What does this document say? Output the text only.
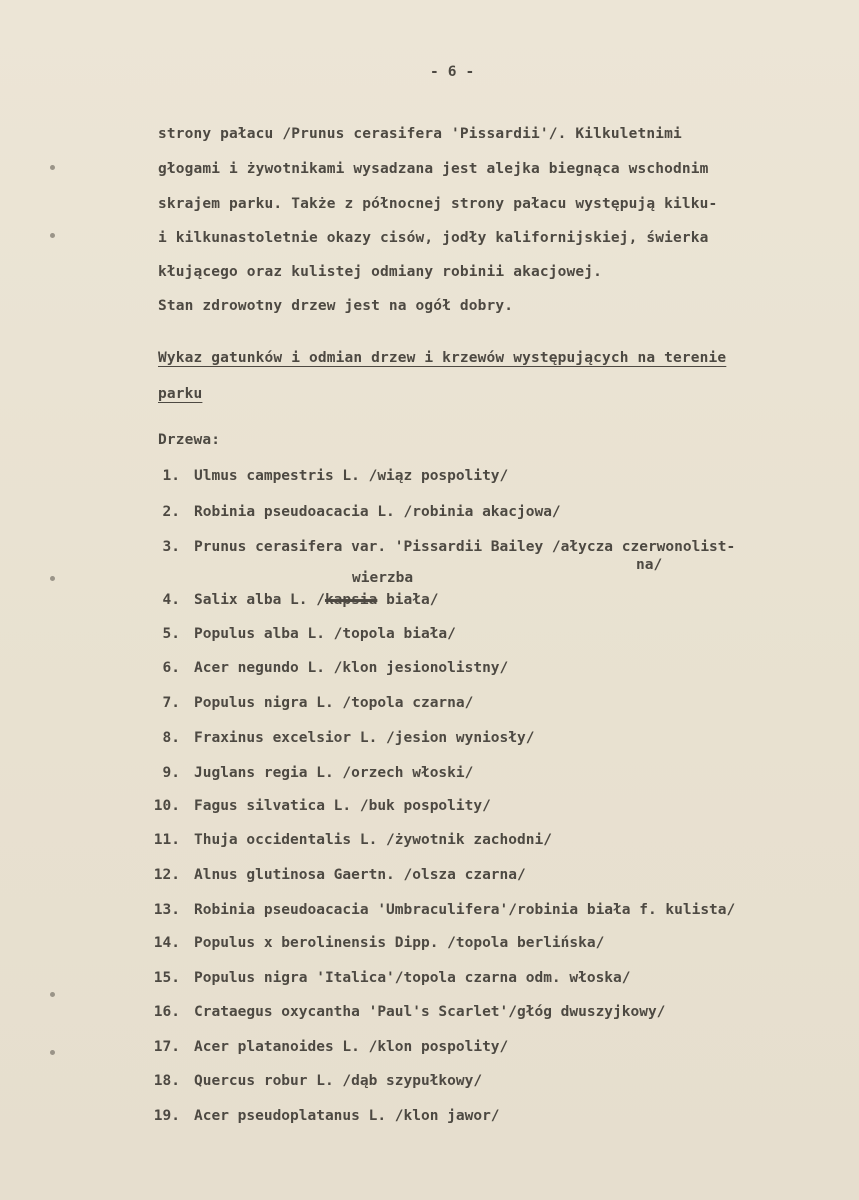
- 6 -
strony pałacu /Prunus cerasifera 'Pissardii'/. Kilkuletnimi
głogami i żywotnikami wysadzana jest alejka biegnąca wschodnim
skrajem parku. Także z północnej strony pałacu występują kilku-
i kilkunastoletnie okazy cisów, jodły kalifornijskiej, świerka
kłującego oraz kulistej odmiany robinii akacjowej.
Stan zdrowotny drzew jest na ogół dobry.
Wykaz gatunków i odmian drzew i krzewów występujących na terenie
parku
Drzewa:
1. Ulmus campestris L. /wiąz pospolity/
2. Robinia pseudoacacia L. /robinia akacjowa/
3. Prunus cerasifera var. 'Pissardii Bailey /ałycza czerwonolist-
na/
wierzba
4. Salix alba L. /kapsia biała/
5. Populus alba L. /topola biała/
6. Acer negundo L. /klon jesionolistny/
7. Populus nigra L. /topola czarna/
8. Fraxinus excelsior L. /jesion wyniosły/
9. Juglans regia L. /orzech włoski/
10. Fagus silvatica L. /buk pospolity/
11. Thuja occidentalis L. /żywotnik zachodni/
12. Alnus glutinosa Gaertn. /olsza czarna/
13. Robinia pseudoacacia 'Umbraculifera'/robinia biała f. kulista/
14. Populus x berolinensis Dipp. /topola berlińska/
15. Populus nigra 'Italica'/topola czarna odm. włoska/
16. Crataegus oxycantha 'Paul's Scarlet'/głóg dwuszyjkowy/
17. Acer platanoides L. /klon pospolity/
18. Quercus robur L. /dąb szypułkowy/
19. Acer pseudoplatanus L. /klon jawor/
